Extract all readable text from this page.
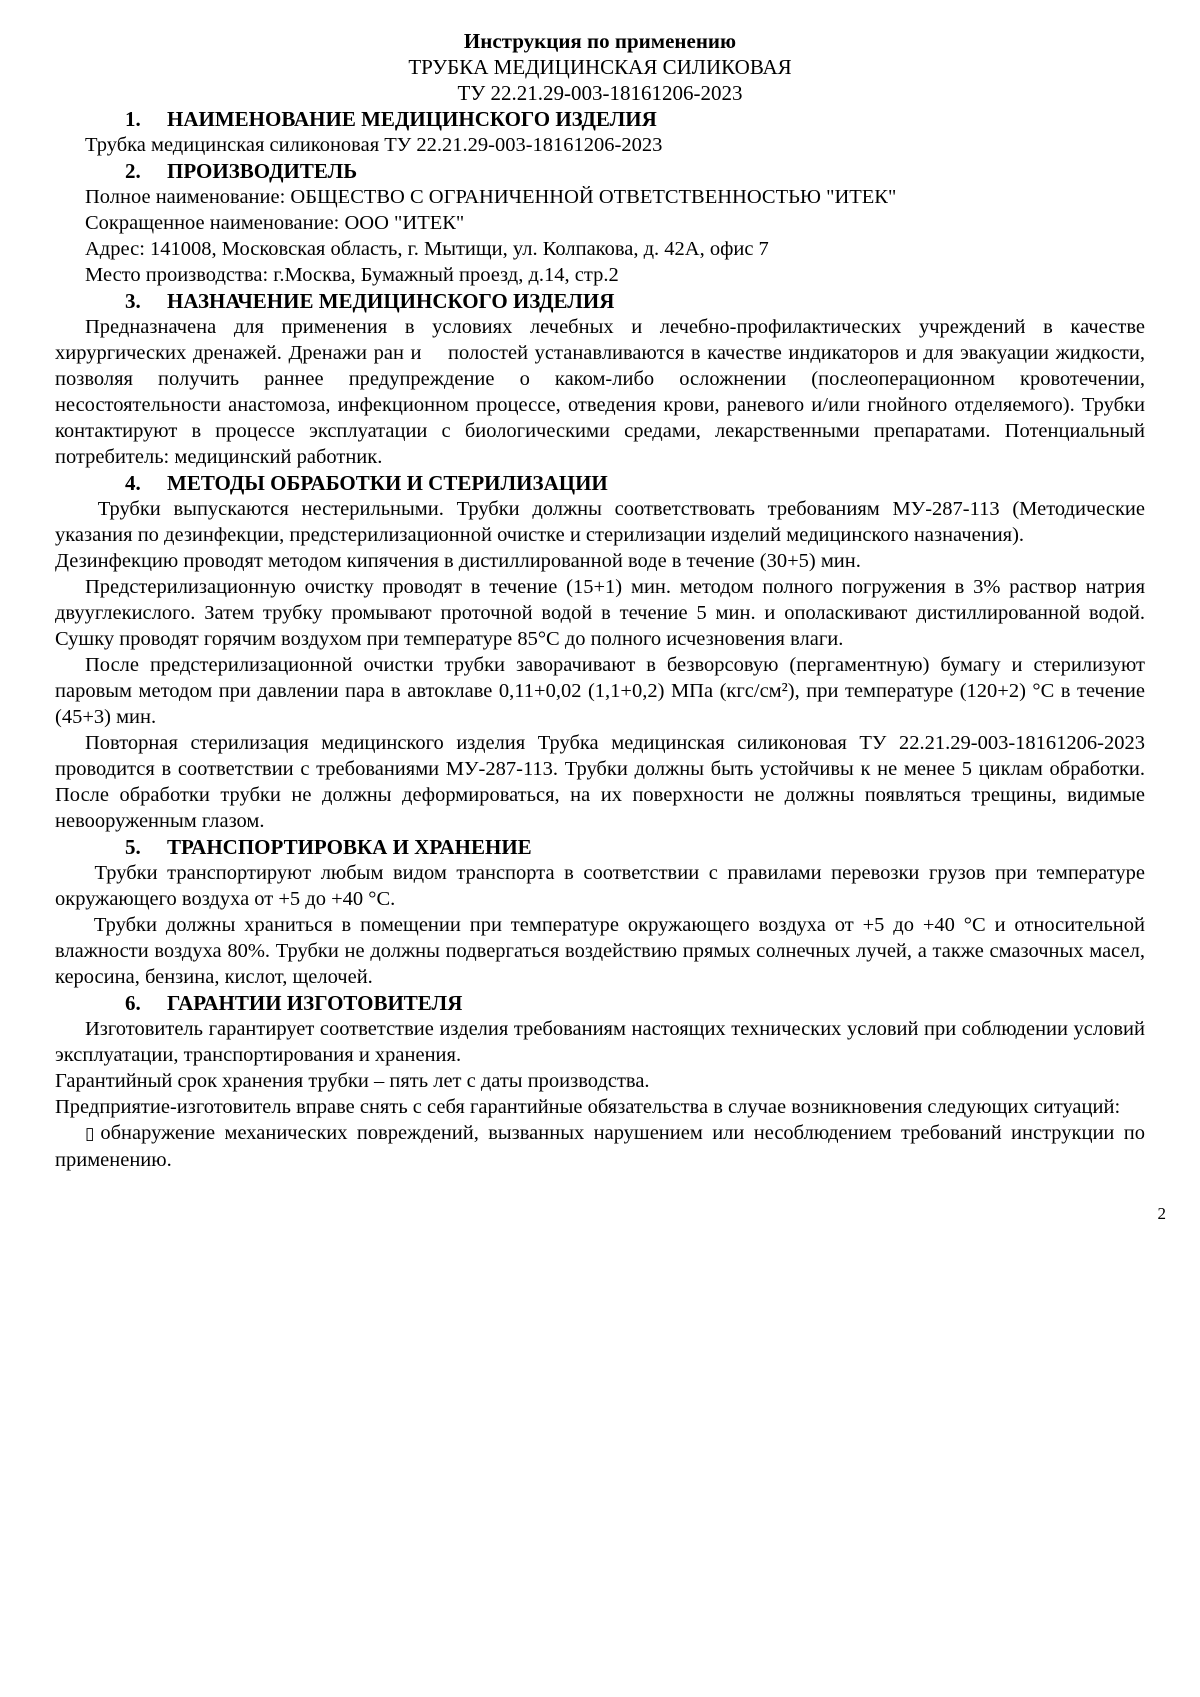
Инструкция по применению
ТРУБКА МЕДИЦИНСКАЯ СИЛИКОВАЯ
ТУ 22.21.29-003-18161206-2023
1.	НАИМЕНОВАНИЕ МЕДИЦИНСКОГО ИЗДЕЛИЯ

Трубка медицинская силиконовая ТУ 22.21.29-003-18161206-2023

2.	ПРОИЗВОДИТЕЛЬ

Полное наименование: ОБЩЕСТВО С ОГРАНИЧЕННОЙ ОТВЕТСТВЕННОСТЬЮ "ИТЕК"

Сокращенное наименование: ООО "ИТЕК"

Адрес: 141008, Московская область, г. Мытищи, ул. Колпакова, д. 42А, офис 7

Место производства: г.Москва, Бумажный проезд, д.14, стр.2

3.	НАЗНАЧЕНИЕ МЕДИЦИНСКОГО ИЗДЕЛИЯ

Предназначена для применения в условиях лечебных и лечебно-профилактических учреждений в качестве хирургических дренажей. Дренажи ран и    полостей устанавливаются в качестве индикаторов и для эвакуации жидкости, позволяя получить раннее предупреждение о каком-либо осложнении (послеоперационном кровотечении, несостоятельности анастомоза, инфекционном процессе, отведения крови, раневого и/или гнойного отделяемого). Трубки контактируют в процессе эксплуатации с биологическими средами, лекарственными препаратами. Потенциальный потребитель: медицинский работник.

4.	МЕТОДЫ ОБРАБОТКИ И СТЕРИЛИЗАЦИИ

Трубки выпускаются нестерильными. Трубки должны соответствовать требованиям МУ-287-113 (Методические указания по дезинфекции, предстерилизационной очистке и стерилизации изделий медицинского назначения).

Дезинфекцию проводят методом кипячения в дистиллированной воде в течение (30+5) мин.

Предстерилизационную очистку проводят в течение (15+1) мин. методом полного погружения в 3% раствор натрия двууглекислого. Затем трубку промывают проточной водой в течение 5 мин. и ополаскивают дистиллированной водой. Сушку проводят горячим воздухом при температуре 85°С до полного исчезновения влаги.

После предстерилизационной очистки трубки заворачивают в безворсовую (пергаментную) бумагу и стерилизуют паровым методом при давлении пара в автоклаве 0,11+0,02 (1,1+0,2) МПа (кгс/см²), при температуре (120+2) °С в течение (45+3) мин.

Повторная стерилизация медицинского изделия Трубка медицинская силиконовая ТУ 22.21.29-003-18161206-2023 проводится в соответствии с требованиями МУ-287-113. Трубки должны быть устойчивы к не менее 5 циклам обработки. После обработки трубки не должны деформироваться, на их поверхности не должны появляться трещины, видимые невооруженным глазом.

5.	ТРАНСПОРТИРОВКА И ХРАНЕНИЕ

Трубки транспортируют любым видом транспорта в соответствии с правилами перевозки грузов при температуре окружающего воздуха от +5 до +40 °С.

Трубки должны храниться в помещении при температуре окружающего воздуха от +5 до +40 °С и относительной влажности воздуха 80%. Трубки не должны подвергаться воздействию прямых солнечных лучей, а также смазочных масел, керосина, бензина, кислот, щелочей.

6.	ГАРАНТИИ ИЗГОТОВИТЕЛЯ

Изготовитель гарантирует соответствие изделия требованиям настоящих технических условий при соблюдении условий эксплуатации, транспортирования и хранения.

Гарантийный срок хранения трубки – пять лет с даты производства.

Предприятие-изготовитель вправе снять с себя гарантийные обязательства в случае возникновения следующих ситуаций:

▯ обнаружение механических повреждений, вызванных нарушением или несоблюдением требований инструкции по применению.

2
